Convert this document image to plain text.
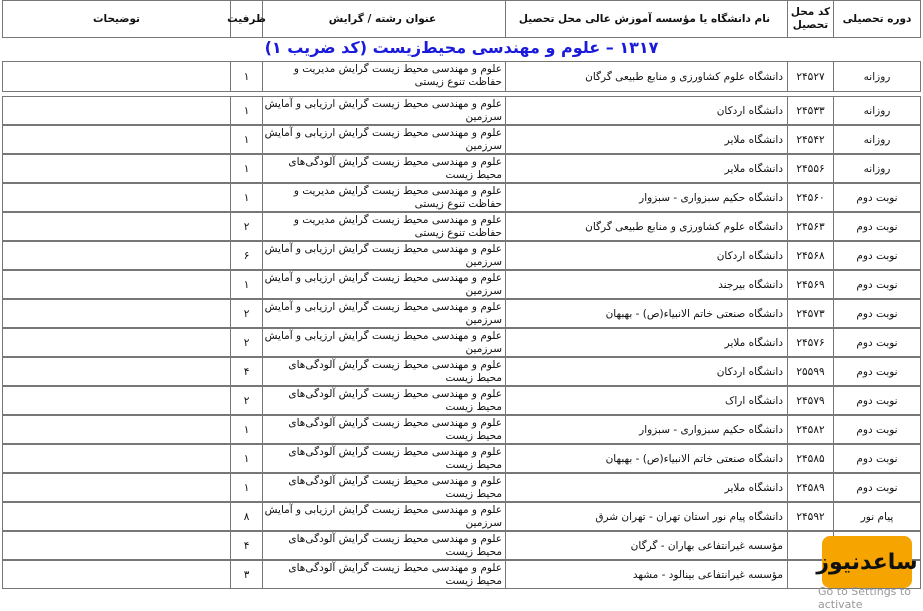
دوره تحصیلی
کد محل تحصیل
نام دانشگاه یا مؤسسه آموزش عالی محل تحصیل
عنوان رشته / گرایش
ظرفیت
توضیحات
۱۳۱۷ – علوم و مهندسی محیط‌زیست (کد ضریب ۱)
روزانه
۲۴۵۲۷
دانشگاه علوم کشاورزی و منابع طبیعی گرگان
علوم و مهندسی محیط زیست گرایش مدیریت و حفاظت تنوع زیستی
۱
روزانه
۲۴۵۳۳
دانشگاه اردکان
علوم و مهندسی محیط زیست گرایش ارزیابی و آمایش سرزمین
۱
روزانه
۲۴۵۴۲
دانشگاه ملایر
علوم و مهندسی محیط زیست گرایش ارزیابی و آمایش سرزمین
۱
روزانه
۲۴۵۵۶
دانشگاه ملایر
علوم و مهندسی محیط زیست گرایش آلودگی‌های محیط زیست
۱
نوبت دوم
۲۴۵۶۰
دانشگاه حکیم سبزواری - سبزوار
علوم و مهندسی محیط زیست گرایش مدیریت و حفاظت تنوع زیستی
۱
نوبت دوم
۲۴۵۶۳
دانشگاه علوم کشاورزی و منابع طبیعی گرگان
علوم و مهندسی محیط زیست گرایش مدیریت و حفاظت تنوع زیستی
۲
نوبت دوم
۲۴۵۶۸
دانشگاه اردکان
علوم و مهندسی محیط زیست گرایش ارزیابی و آمایش سرزمین
۶
نوبت دوم
۲۴۵۶۹
دانشگاه بیرجند
علوم و مهندسی محیط زیست گرایش ارزیابی و آمایش سرزمین
۱
نوبت دوم
۲۴۵۷۳
دانشگاه صنعتی خاتم الانبیاء(ص) - بهبهان
علوم و مهندسی محیط زیست گرایش ارزیابی و آمایش سرزمین
۲
نوبت دوم
۲۴۵۷۶
دانشگاه ملایر
علوم و مهندسی محیط زیست گرایش ارزیابی و آمایش سرزمین
۲
نوبت دوم
۲۵۵۹۹
دانشگاه اردکان
علوم و مهندسی محیط زیست گرایش آلودگی‌های محیط زیست
۴
نوبت دوم
۲۴۵۷۹
دانشگاه اراک
علوم و مهندسی محیط زیست گرایش آلودگی‌های محیط زیست
۲
نوبت دوم
۲۴۵۸۲
دانشگاه حکیم سبزواری - سبزوار
علوم و مهندسی محیط زیست گرایش آلودگی‌های محیط زیست
۱
نوبت دوم
۲۴۵۸۵
دانشگاه صنعتی خاتم الانبیاء(ص) - بهبهان
علوم و مهندسی محیط زیست گرایش آلودگی‌های محیط زیست
۱
نوبت دوم
۲۴۵۸۹
دانشگاه ملایر
علوم و مهندسی محیط زیست گرایش آلودگی‌های محیط زیست
۱
پیام نور
۲۴۵۹۲
دانشگاه پیام نور استان تهران - تهران شرق
علوم و مهندسی محیط زیست گرایش ارزیابی و آمایش سرزمین
۸
مؤسسه غیرانتفاعی بهاران - گرگان
علوم و مهندسی محیط زیست گرایش آلودگی‌های محیط زیست
۴
مؤسسه غیرانتفاعی بینالود - مشهد
علوم و مهندسی محیط زیست گرایش آلودگی‌های محیط زیست
۳	ساعدنیوز
Go to Settings to activate
